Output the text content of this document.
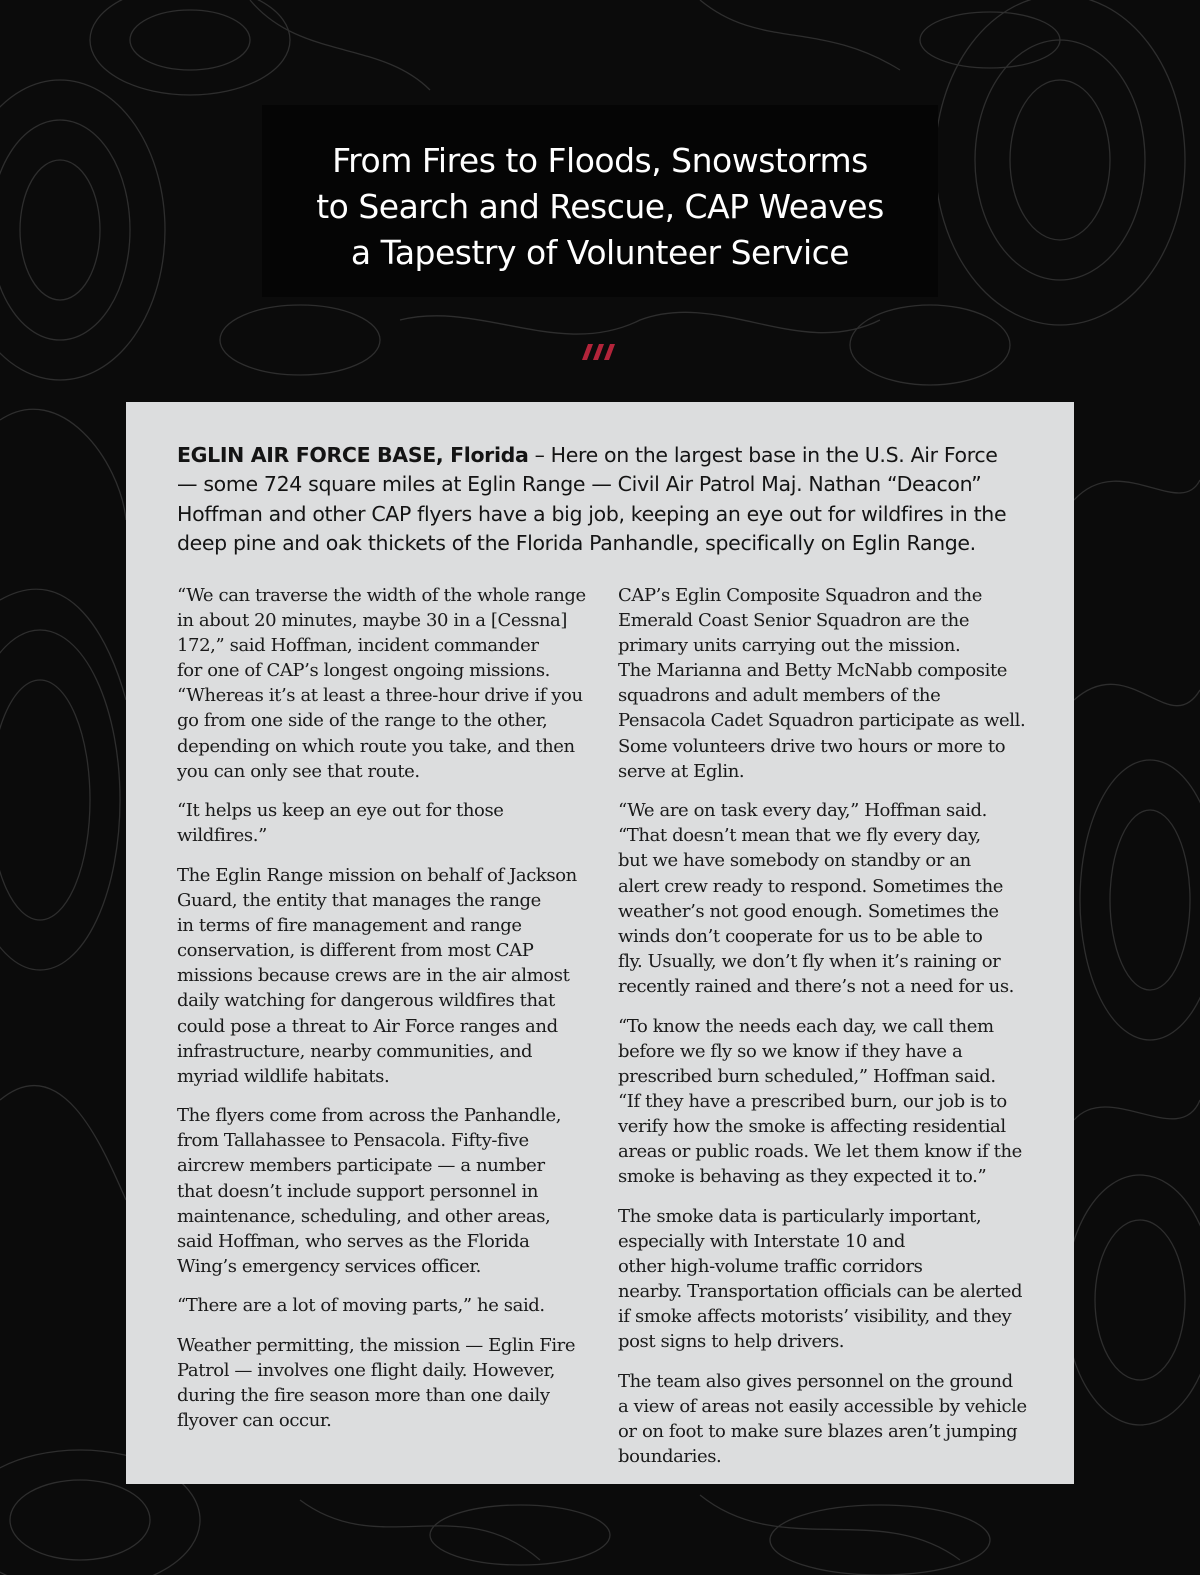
From Fires to Floods, Snowstorms
to Search and Rescue, CAP Weaves
a Tapestry of Volunteer Service

EGLIN AIR FORCE BASE, Florida – Here on the largest base in the U.S. Air Force
— some 724 square miles at Eglin Range — Civil Air Patrol Maj. Nathan “Deacon”
Hoffman and other CAP flyers have a big job, keeping an eye out for wildfires in the
deep pine and oak thickets of the Florida Panhandle, specifically on Eglin Range.

“We can traverse the width of the whole range
in about 20 minutes, maybe 30 in a [Cessna]
172,” said Hoffman, incident commander
for one of CAP’s longest ongoing missions.
“Whereas it’s at least a three-hour drive if you
go from one side of the range to the other,
depending on which route you take, and then
you can only see that route.

“It helps us keep an eye out for those
wildfires.”

The Eglin Range mission on behalf of Jackson
Guard, the entity that manages the range
in terms of fire management and range
conservation, is different from most CAP
missions because crews are in the air almost
daily watching for dangerous wildfires that
could pose a threat to Air Force ranges and
infrastructure, nearby communities, and
myriad wildlife habitats.

The flyers come from across the Panhandle,
from Tallahassee to Pensacola. Fifty-five
aircrew members participate — a number
that doesn’t include support personnel in
maintenance, scheduling, and other areas,
said Hoffman, who serves as the Florida
Wing’s emergency services officer.

“There are a lot of moving parts,” he said.

Weather permitting, the mission — Eglin Fire
Patrol — involves one flight daily. However,
during the fire season more than one daily
flyover can occur.

CAP’s Eglin Composite Squadron and the
Emerald Coast Senior Squadron are the
primary units carrying out the mission.
The Marianna and Betty McNabb composite
squadrons and adult members of the
Pensacola Cadet Squadron participate as well.
Some volunteers drive two hours or more to
serve at Eglin.

“We are on task every day,” Hoffman said.
“That doesn’t mean that we fly every day,
but we have somebody on standby or an
alert crew ready to respond. Sometimes the
weather’s not good enough. Sometimes the
winds don’t cooperate for us to be able to
fly. Usually, we don’t fly when it’s raining or
recently rained and there’s not a need for us.

“To know the needs each day, we call them
before we fly so we know if they have a
prescribed burn scheduled,” Hoffman said.
“If they have a prescribed burn, our job is to
verify how the smoke is affecting residential
areas or public roads. We let them know if the
smoke is behaving as they expected it to.”

The smoke data is particularly important,
especially with Interstate 10 and
other high-volume traffic corridors
nearby. Transportation officials can be alerted
if smoke affects motorists’ visibility, and they
post signs to help drivers.

The team also gives personnel on the ground
a view of areas not easily accessible by vehicle
or on foot to make sure blazes aren’t jumping
boundaries.
